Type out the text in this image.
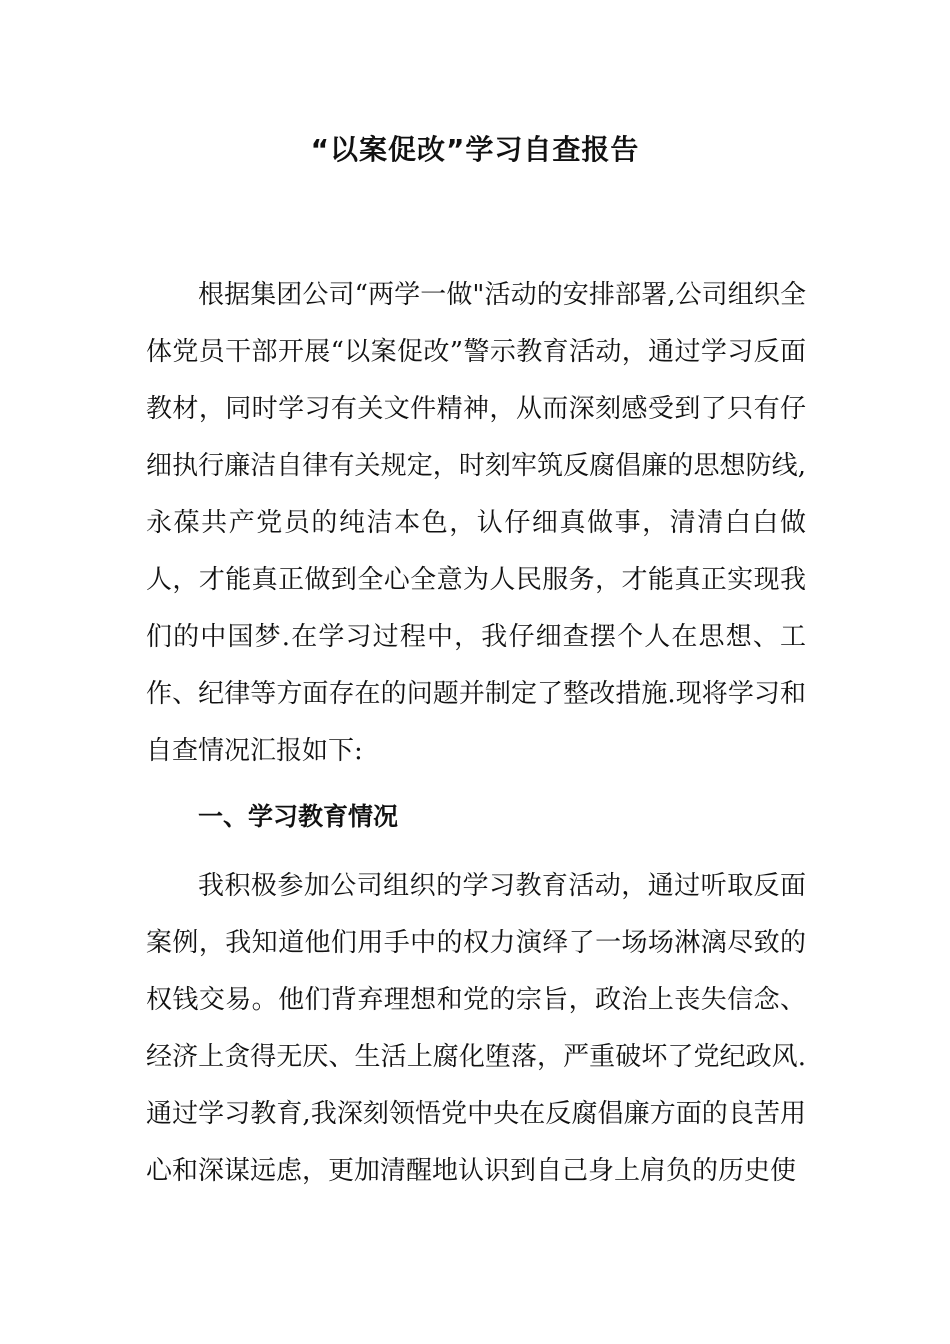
“以案促改”学习自查报告

根据集团公司“两学一做"活动的安排部署,公司组织全体党员干部开展“以案促改”警示教育活动，通过学习反面教材，同时学习有关文件精神，从而深刻感受到了只有仔细执行廉洁自律有关规定，时刻牢筑反腐倡廉的思想防线,永葆共产党员的纯洁本色，认仔细真做事，清清白白做人，才能真正做到全心全意为人民服务，才能真正实现我们的中国梦.在学习过程中，我仔细查摆个人在思想、工作、纪律等方面存在的问题并制定了整改措施.现将学习和自查情况汇报如下:

一、学习教育情况

我积极参加公司组织的学习教育活动，通过听取反面案例，我知道他们用手中的权力演绎了一场场淋漓尽致的权钱交易。他们背弃理想和党的宗旨，政治上丧失信念、经济上贪得无厌、生活上腐化堕落，严重破坏了党纪政风.通过学习教育,我深刻领悟党中央在反腐倡廉方面的良苦用心和深谋远虑，更加清醒地认识到自己身上肩负的历史使
